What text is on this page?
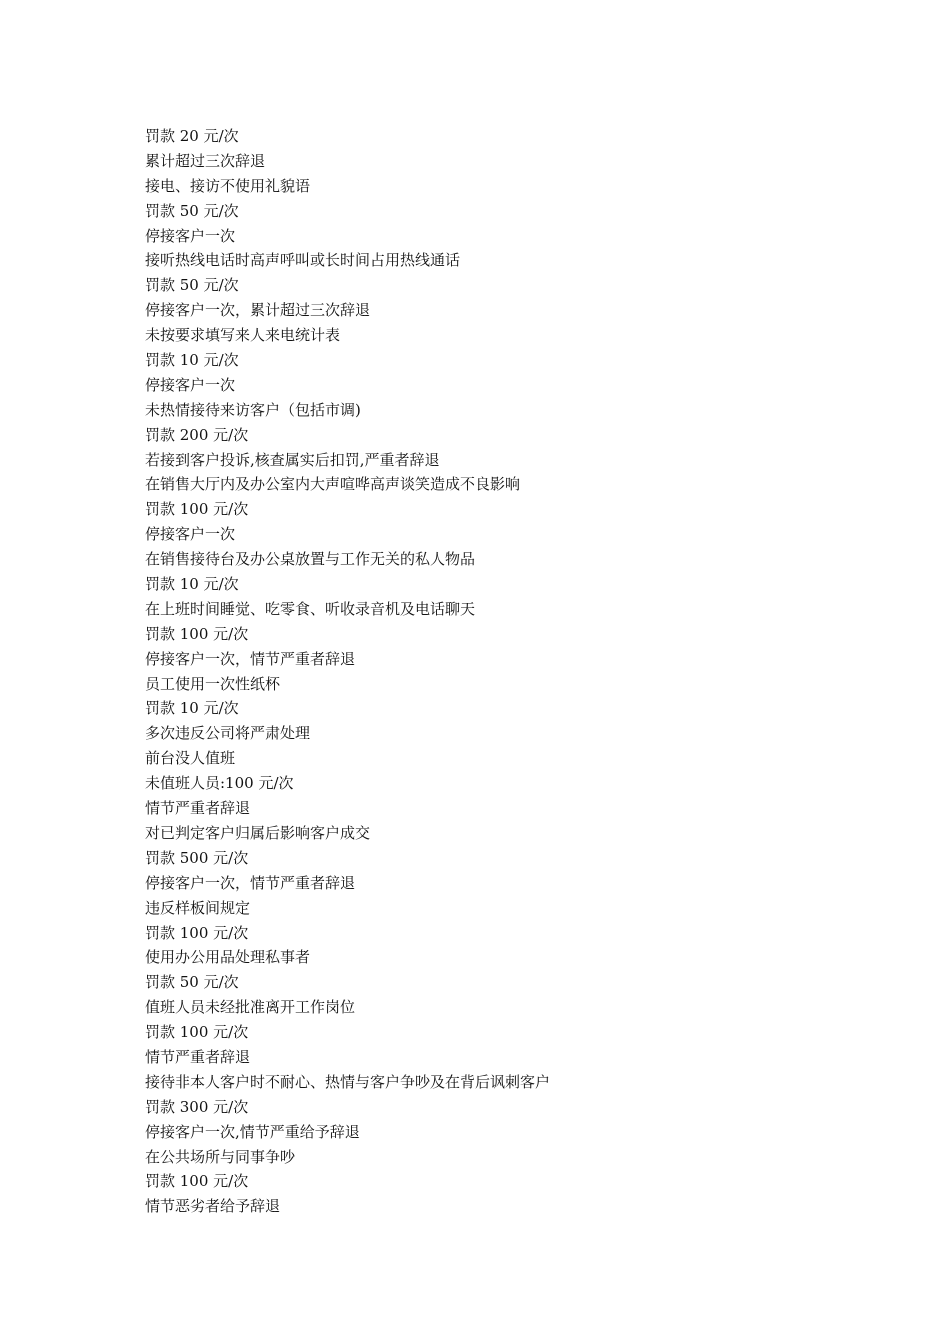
罚款 20 元/次
累计超过三次辞退
接电、接访不使用礼貌语
罚款 50 元/次
停接客户一次
接听热线电话时高声呼叫或长时间占用热线通话
罚款 50 元/次
停接客户一次，累计超过三次辞退
未按要求填写来人来电统计表
罚款 10 元/次
停接客户一次
未热情接待来访客户（包括市调)
罚款 200 元/次
若接到客户投诉,核查属实后扣罚,严重者辞退
在销售大厅内及办公室内大声喧哗高声谈笑造成不良影响
罚款 100 元/次
停接客户一次
在销售接待台及办公桌放置与工作无关的私人物品
罚款 10 元/次
在上班时间睡觉、吃零食、听收录音机及电话聊天
罚款 100 元/次
停接客户一次，情节严重者辞退
员工使用一次性纸杯
罚款 10 元/次
多次违反公司将严肃处理
前台没人值班
未值班人员:100 元/次
情节严重者辞退
对已判定客户归属后影响客户成交
罚款 500 元/次
停接客户一次，情节严重者辞退
违反样板间规定
罚款 100 元/次
使用办公用品处理私事者
罚款 50 元/次
值班人员未经批准离开工作岗位
罚款 100 元/次
情节严重者辞退
接待非本人客户时不耐心、热情与客户争吵及在背后讽刺客户
罚款 300 元/次
停接客户一次,情节严重给予辞退
在公共场所与同事争吵
罚款 100 元/次
情节恶劣者给予辞退
